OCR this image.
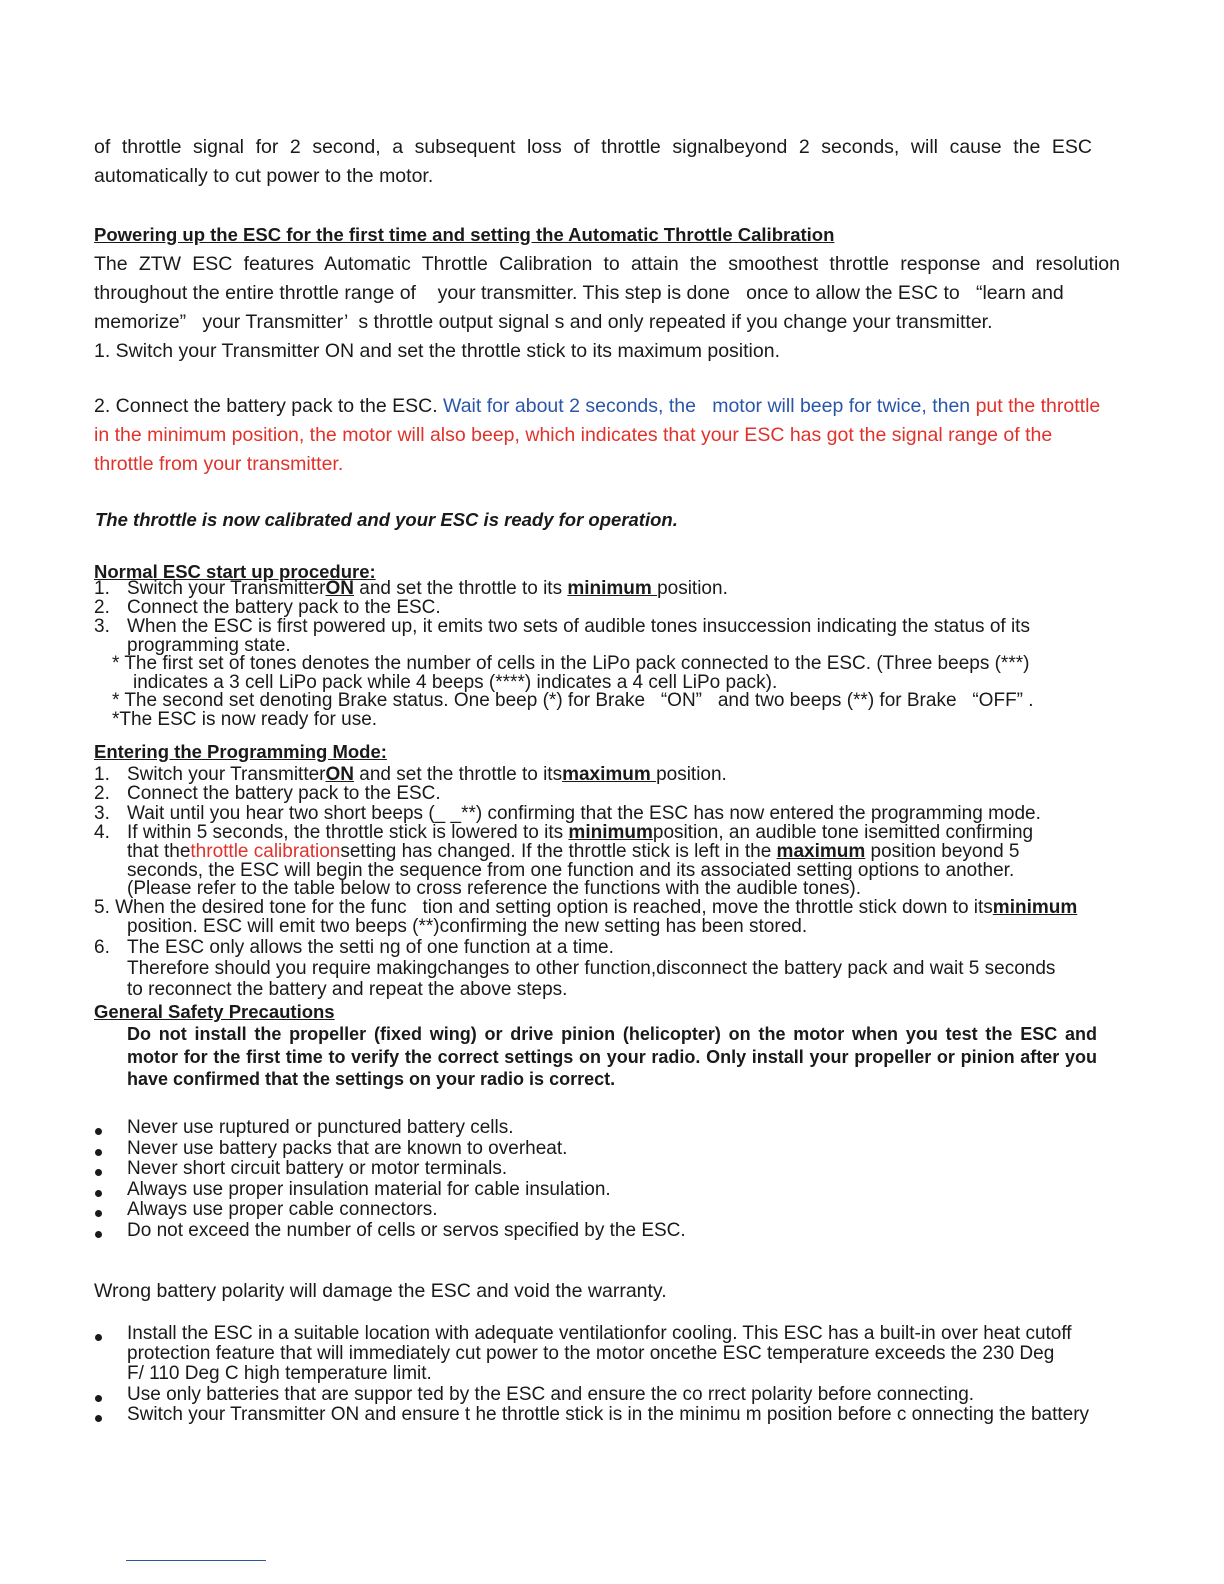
of throttle signal for 2 second, a subsequent loss of throttle signalbeyond 2 seconds, will cause the ESC
automatically to cut power to the motor.
Powering up the ESC for the first time and setting the Automatic Throttle Calibration
The ZTW ESC features Automatic Throttle Calibration to attain the smoothest throttle response and resolution
throughout the entire throttle range of    your transmitter. This step is done   once to allow the ESC to   “learn and
memorize”   your Transmitter’  s throttle output signal s and only repeated if you change your transmitter.
1. Switch your Transmitter ON and set the throttle stick to its maximum position.
2. Connect the battery pack to the ESC. Wait for about 2 seconds, the   motor will beep for twice, then put the throttle
in the minimum position, the motor will also beep, which indicates that your ESC has got the signal range of the
throttle from your transmitter.
The throttle is now calibrated and your ESC is ready for operation.
Normal ESC start up procedure:
1. Switch your TransmitterON and set the throttle to its minimum position.
2. Connect the battery pack to the ESC.
3. When the ESC is first powered up, it emits two sets of audible tones insuccession indicating the status of its
programming state.
* The first set of tones denotes the number of cells in the LiPo pack connected to the ESC. (Three beeps (***)
indicates a 3 cell LiPo pack while 4 beeps (****) indicates a 4 cell LiPo pack).
* The second set denoting Brake status. One beep (*) for Brake   “ON”   and two beeps (**) for Brake   “OFF” .
*The ESC is now ready for use.
Entering the Programming Mode:
1. Switch your TransmitterON and set the throttle to itsmaximum position.
2. Connect the battery pack to the ESC.
3. Wait until you hear two short beeps (_ _**) confirming that the ESC has now entered the programming mode.
4. If within 5 seconds, the throttle stick is lowered to its minimumposition, an audible tone isemitted confirming
that thethrottle calibrationsetting has changed. If the throttle stick is left in the maximum position beyond 5
seconds, the ESC will begin the sequence from one function and its associated setting options to another.
(Please refer to the table below to cross reference the functions with the audible tones).
5. When the desired tone for the func   tion and setting option is reached, move the throttle stick down to itsminimum
position. ESC will emit two beeps (**)confirming the new setting has been stored.
6. The ESC only allows the setti ng of one function at a time.
Therefore should you require makingchanges to other function,disconnect the battery pack and wait 5 seconds
to reconnect the battery and repeat the above steps.
General Safety Precautions
Do not install the propeller (fixed wing) or drive pinion (helicopter) on the motor when you test the ESC and motor for the first time to verify the correct settings on your radio. Only install your propeller or pinion after you have confirmed that the settings on your radio is correct.
Never use ruptured or punctured battery cells.
Never use battery packs that are known to overheat.
Never short circuit battery or motor terminals.
Always use proper insulation material for cable insulation.
Always use proper cable connectors.
Do not exceed the number of cells or servos specified by the ESC.
Wrong battery polarity will damage the ESC and void the warranty.
Install the ESC in a suitable location with adequate ventilationfor cooling. This ESC has a built-in over heat cutoff
protection feature that will immediately cut power to the motor oncethe ESC temperature exceeds the 230 Deg
F/ 110 Deg C high temperature limit.
Use only batteries that are suppor ted by the ESC and ensure the co rrect polarity before connecting.
Switch your Transmitter ON and ensure t he throttle stick is in the minimu m position before c onnecting the battery
